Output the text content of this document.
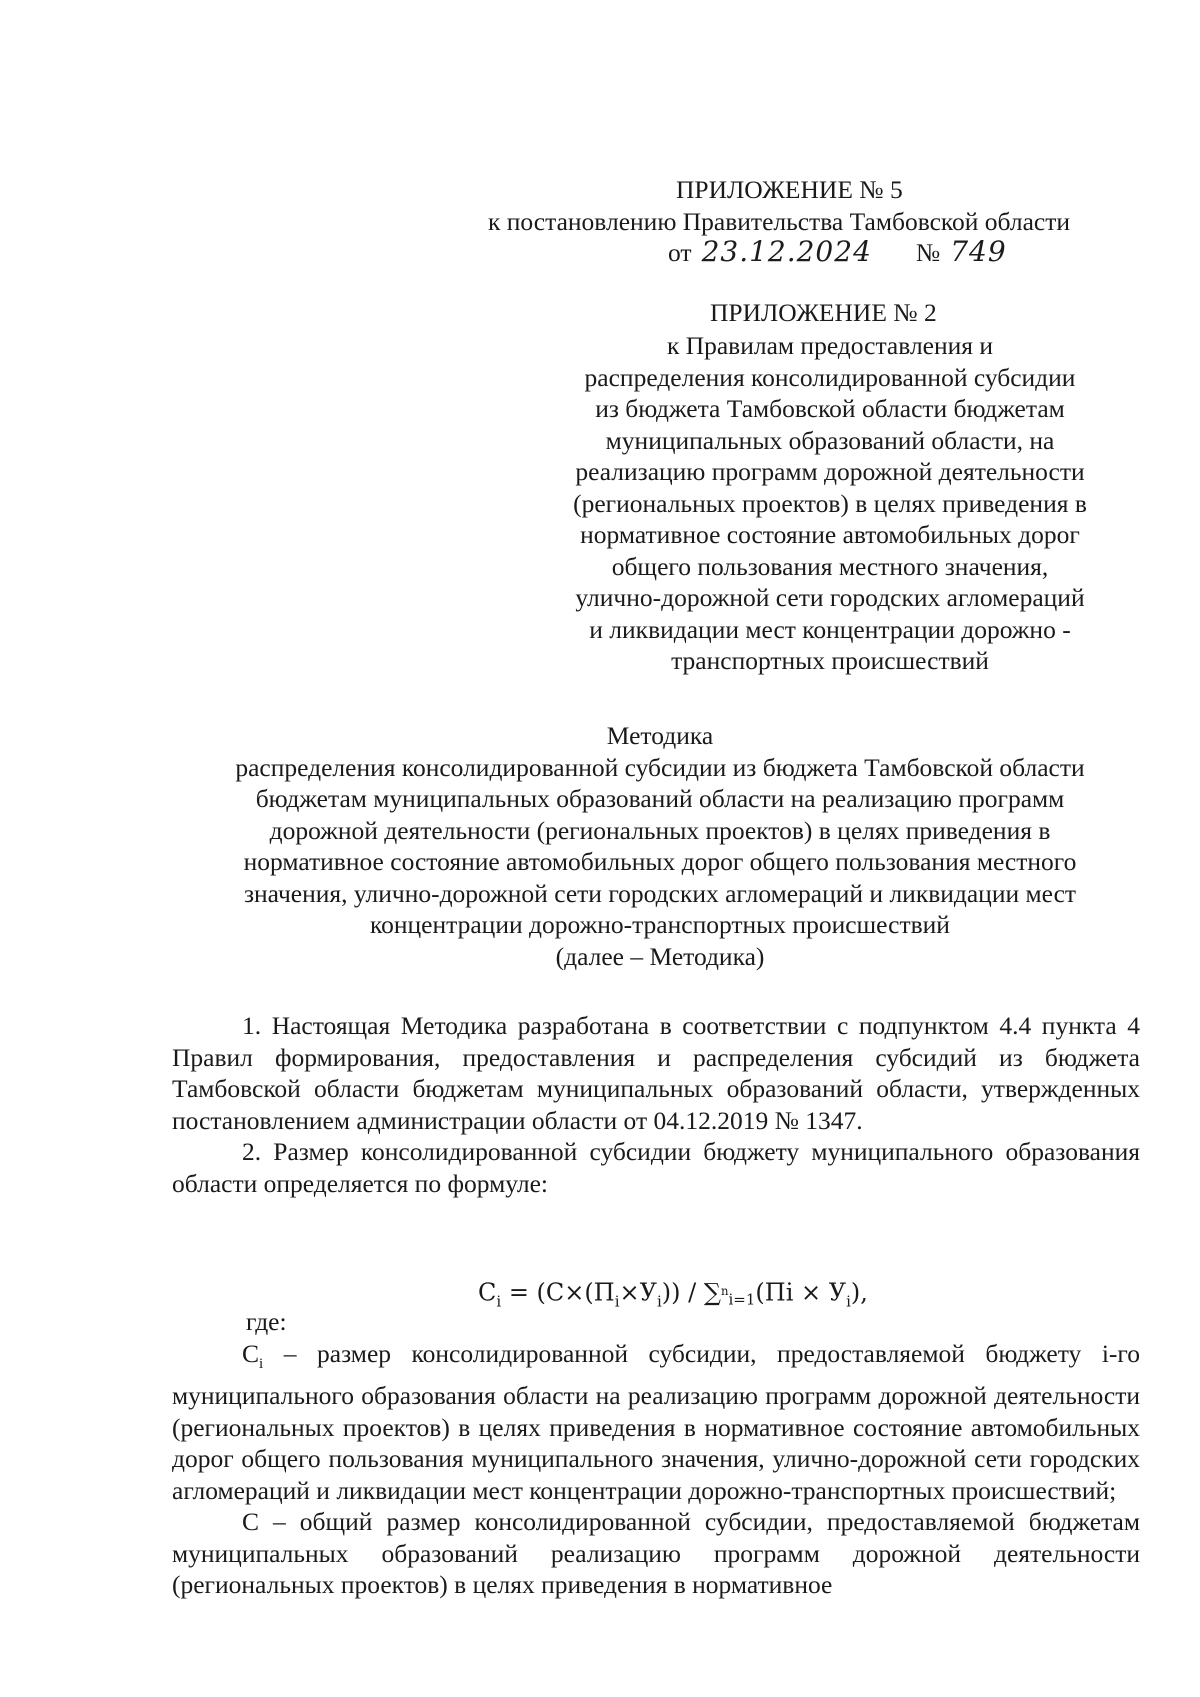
ПРИЛОЖЕНИЕ № 5
к постановлению Правительства Тамбовской области
от 23.12.2024 № 749
ПРИЛОЖЕНИЕ № 2
к Правилам предоставления и
распределения консолидированной субсидии
из бюджета Тамбовской области бюджетам
муниципальных образований области, на
реализацию программ дорожной деятельности
(региональных проектов) в целях приведения в
нормативное состояние автомобильных дорог
общего пользования местного значения,
улично-дорожной сети городских агломераций
и ликвидации мест концентрации дорожно -
транспортных происшествий
Методика
распределения консолидированной субсидии из бюджета Тамбовской области
бюджетам муниципальных образований области на реализацию программ
дорожной деятельности (региональных проектов) в целях приведения в
нормативное состояние автомобильных дорог общего пользования местного
значения, улично-дорожной сети городских агломераций и ликвидации мест
концентрации дорожно-транспортных происшествий
(далее – Методика)

1. Настоящая Методика разработана в соответствии с подпунктом 4.4 пункта 4 Правил формирования, предоставления и распределения субсидий из бюджета Тамбовской области бюджетам муниципальных образований области, утвержденных постановлением администрации области от 04.12.2019 № 1347.

2. Размер консолидированной субсидии бюджету муниципального образования области определяется по формуле:

$С_i = (С\times(П_i\times У_i)) / \sum^n_{i=1}(Пі \times У_i)$,

где:

$С_i$ – размер консолидированной субсидии, предоставляемой бюджету i-го муниципального образования области на реализацию программ дорожной деятельности (региональных проектов) в целях приведения в нормативное состояние автомобильных дорог общего пользования муниципального значения, улично-дорожной сети городских агломераций и ликвидации мест концентрации дорожно-транспортных происшествий;

С – общий размер консолидированной субсидии, предоставляемой бюджетам муниципальных образований реализацию программ дорожной деятельности (региональных проектов) в целях приведения в нормативное
